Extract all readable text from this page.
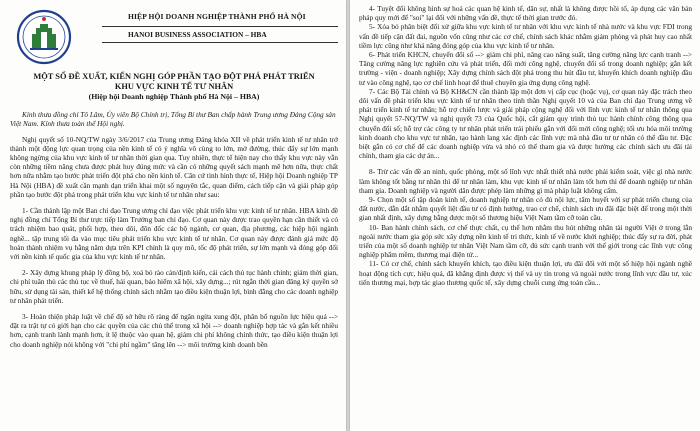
HIỆP HỘI DOANH NGHIỆP THÀNH PHỐ HÀ NỘI
HANOI BUSINESS ASSOCIATION – HBA
MỘT SỐ ĐỀ XUẤT, KIẾN NGHỊ GÓP PHẦN TẠO ĐỘT PHÁ PHÁT TRIỂN
KHU VỰC KINH TẾ TƯ NHÂN
(Hiệp hội Doanh nghiệp Thành phố Hà Nội – HBA)
Kính thưa đồng chí Tô Lâm, Ủy viên Bộ Chính trị, Tổng Bí thư Ban chấp hành Trung ương Đảng Cộng sản Việt Nam. Kính thưa toàn thể Hội nghị.

Nghị quyết số 10-NQ/TW ngày 3/6/2017 của Trung ương Đảng khóa XII về phát triển kinh tế tư nhân trở thành một động lực quan trọng của nền kinh tế có ý nghĩa vô cùng to lớn, mở đường, thúc đẩy sự lớn mạnh không ngừng của khu vực kinh tế tư nhân thời gian qua. Tuy nhiên, thực tế hiện nay cho thấy khu vực này vẫn còn những tiềm năng chưa được phát huy đúng mức và cần có những quyết sách mạnh mẽ hơn nữa, thực chất hơn nữa nhằm tạo bước phát triển đột phá cho nền kinh tế. Căn cứ tình hình thực tế, Hiệp hội Doanh nghiệp TP Hà Nội (HBA) đề xuất cần mạnh dạn triển khai một số nguyên tắc, quan điểm, cách tiếp cận và giải pháp góp phần tạo bước đột phá trong phát triển khu vực kinh tế tư nhân như sau:

1- Cần thành lập một Ban chỉ đạo Trung ương chỉ đạo việc phát triển khu vực kinh tế tư nhân. HBA kính đề nghị đồng chí Tổng Bí thư trực tiếp làm Trưởng ban chỉ đạo. Cơ quan này được trao quyền hạn cần thiết và có trách nhiệm bao quát, phối hợp, theo dõi, đôn đốc các bộ ngành, cơ quan, địa phương, các hiệp hội ngành nghề... tập trung tối đa vào mục tiêu phát triển khu vực kinh tế tư nhân. Cơ quan này được đánh giá mức độ hoàn thành nhiệm vụ hằng năm dựa trên KPI chính là quy mô, tốc độ phát triển, sự lớn mạnh và đóng góp đối với nền kinh tế quốc gia của khu vực kinh tế tư nhân.

2- Xây dựng khung pháp lý đồng bộ, xoá bỏ rào cản/định kiến, cải cách thủ tục hành chính; giảm thời gian, chi phí tuân thủ các thủ tục về thuế, hải quan, bảo hiểm xã hội, xây dựng...; rút ngắn thời gian đăng ký quyền sở hữu, sử dụng tài sản, thiết kế hệ thống chính sách nhằm tạo điều kiện thuận lợi, bình đẳng cho các doanh nghiệp tư nhân phát triển.

3- Hoàn thiện pháp luật về chế độ sở hữu rõ ràng để ngăn ngừa xung đột, phân bổ nguồn lực hiệu quả --> đặt ra trật tự có giới hạn cho các quyền của các chủ thể trong xã hội --> doanh nghiệp hợp tác và gắn kết nhiều hơn, cạnh tranh lành mạnh hơn, ít lệ thuộc vào quan hệ, giảm chi phí không chính thức, tạo điều kiện thuận lợi cho doanh nghiệp nói không với "chi phí ngầm" tăng lên --> môi trường kinh doanh bền

4- Tuyệt đối không hình sự hoá các quan hệ kinh tế, dân sự, nhất là không được hồi tố, áp dụng các văn bản pháp quy mới để "soi" lại đối với những vấn đề, thực tế thời gian trước đó.

5- Xóa bỏ phân biệt đối xử giữa khu vực kinh tế tư nhân với khu vực kinh tế nhà nước và khu vực FDI trong vấn đề tiếp cận đất đai, nguồn vốn cũng như các cơ chế, chính sách khác nhằm giảm phòng và phát huy cao nhất tiềm lực cũng như khả năng đóng góp của khu vực kinh tế tư nhân.

6- Phát triển KHCN, chuyển đổi số --> giảm chi phí, nâng cao năng suất, tăng cường năng lực cạnh tranh --> Tăng cường năng lực nghiên cứu và phát triển, đổi mới công nghệ, chuyển đổi số trong doanh nghiệp; gắn kết trường - viện - doanh nghiệp; Xây dựng chính sách đột phá trong thu hút đầu tư, khuyến khích doanh nghiệp đầu tư vào công nghệ, tạo cơ chế linh hoạt để thuê chuyên gia ứng dụng công nghệ.

7- Các Bộ Tài chính và Bộ KH&CN cần thành lập một đơn vị cấp cục (hoặc vụ), cơ quan này đặc trách theo dõi vấn đề phát triển khu vực kinh tế tư nhân theo tinh thần Nghị quyết 10 và của Ban chỉ đạo Trung ương về phát triển kinh tế tư nhân; hỗ trợ chiến lược và giải pháp cộng nghệ đối với lĩnh vực kinh tế tư nhân thông qua Nghị quyết 57-NQ/TW và nghị quyết 73 của Quốc hội, cắt giảm quy trình thủ tục hành chính công thông qua chuyển đổi số; hỗ trợ các công ty tư nhân phát triển trải phiếu gắn với đổi mới công nghệ; tối ưu hóa môi trường kinh doanh cho khu vực tư nhân, tạo hành lang xác định các lĩnh vực mà nhà đầu tư tư nhân có thể đầu tư. Đặc biệt gắn có cơ chế để các doanh nghiệp vừa và nhỏ có thể tham gia và được hưởng các chính sách ưu đãi tài chính, tham gia các dự án...

8- Trừ các vấn đề an ninh, quốc phòng, một số lĩnh vực nhất thiết nhà nước phải kiểm soát, việc gì nhà nước làm không tốt bằng tư nhân thì để tư nhân làm, khu vực kinh tế tư nhân làm tốt hơn thì để doanh nghiệp tư nhân tham gia. Doanh nghiệp và người dân được phép làm những gì mà pháp luật không cấm.

9- Chọn một số tập đoàn kinh tế, doanh nghiệp tư nhân có đủ nội lực, tâm huyết với sự phát triển chung của đất nước, dẫn dắt nhằm quyết liệt đầu tư có định hướng, trao cơ chế, chính sách ưu đãi đặc biệt để trong một thời gian nhất định, xây dựng bằng được một số thương hiệu Việt Nam tầm cỡ toàn cầu.

10- Ban hành chính sách, cơ chế thực chất, cụ thể hơn nhằm thu hút những nhân tài người Việt ở trong lẫn ngoài nước tham gia góp sức xây dựng nền kinh tế tri thức, kinh tế về nước khởi nghiệp; thúc đẩy sự ra đời, phát triển của một số doanh nghiệp tư nhân Việt Nam tầm cỡ, đủ sức cạnh tranh với thế giới trong các lĩnh vực công nghiệp phẩm mềm, thương mại điện tử...

11- Có cơ chế, chính sách khuyến khích, tạo điều kiện thuận lợi, ưu đãi đối với một số hiệp hội ngành nghề hoạt động tích cực, hiệu quả, đã khẳng định được vị thế và uy tín trong và ngoài nước trong lĩnh vực đầu tư, xúc tiến thương mại, hợp tác giao thương quốc tế, xây dựng chuỗi cung ứng toàn cầu...
